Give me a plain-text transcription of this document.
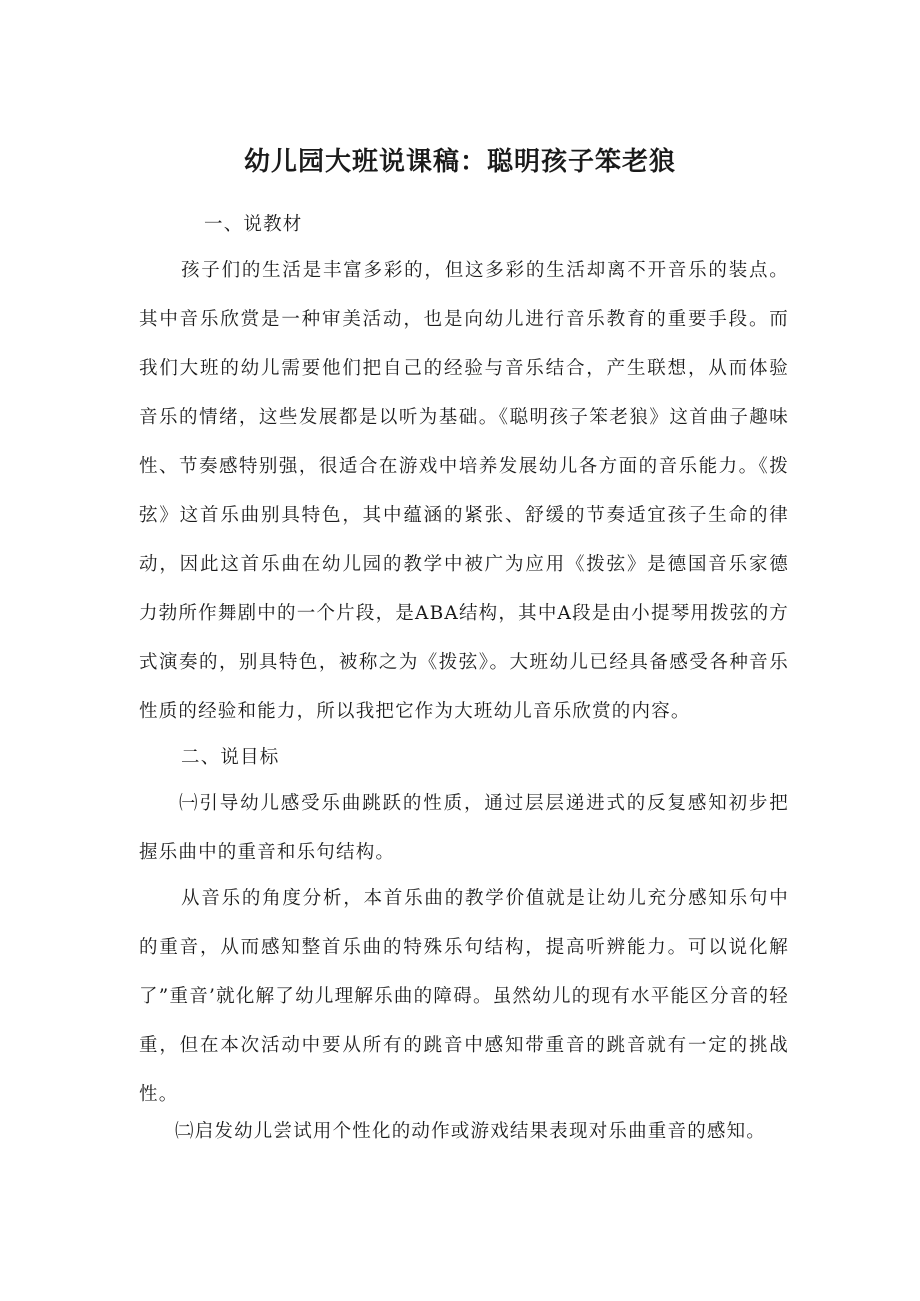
幼儿园大班说课稿：聪明孩子笨老狼

一、说教材

孩子们的生活是丰富多彩的，但这多彩的生活却离不开音乐的装点。其中音乐欣赏是一种审美活动，也是向幼儿进行音乐教育的重要手段。而我们大班的幼儿需要他们把自己的经验与音乐结合，产生联想，从而体验音乐的情绪，这些发展都是以听为基础。《聪明孩子笨老狼》这首曲子趣味性、节奏感特别强，很适合在游戏中培养发展幼儿各方面的音乐能力。《拨弦》这首乐曲别具特色，其中蕴涵的紧张、舒缓的节奏适宜孩子生命的律动，因此这首乐曲在幼儿园的教学中被广为应用《拨弦》是德国音乐家德力勃所作舞剧中的一个片段，是ABA结构，其中A段是由小提琴用拨弦的方式演奏的，别具特色，被称之为《拨弦》。大班幼儿已经具备感受各种音乐性质的经验和能力，所以我把它作为大班幼儿音乐欣赏的内容。

二、说目标

㈠引导幼儿感受乐曲跳跃的性质，通过层层递进式的反复感知初步把握乐曲中的重音和乐句结构。

从音乐的角度分析，本首乐曲的教学价值就是让幼儿充分感知乐句中的重音，从而感知整首乐曲的特殊乐句结构，提高听辨能力。可以说化解了”重音’就化解了幼儿理解乐曲的障碍。虽然幼儿的现有水平能区分音的轻重，但在本次活动中要从所有的跳音中感知带重音的跳音就有一定的挑战性。

㈡启发幼儿尝试用个性化的动作或游戏结果表现对乐曲重音的感知。
